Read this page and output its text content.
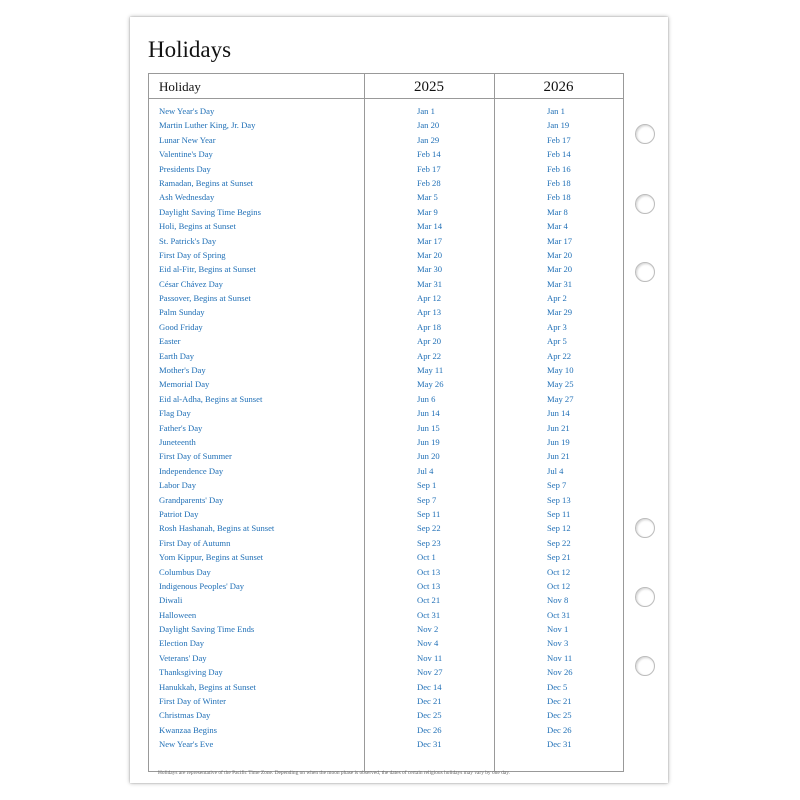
Holidays
Holiday	2025	2026
New Year's Day	Jan 1	Jan 1
Martin Luther King, Jr. Day	Jan 20	Jan 19
Lunar New Year	Jan 29	Feb 17
Valentine's Day	Feb 14	Feb 14
Presidents Day	Feb 17	Feb 16
Ramadan, Begins at Sunset	Feb 28	Feb 18
Ash Wednesday	Mar 5	Feb 18
Daylight Saving Time Begins	Mar 9	Mar 8
Holi, Begins at Sunset	Mar 14	Mar 4
St. Patrick's Day	Mar 17	Mar 17
First Day of Spring	Mar 20	Mar 20
Eid al-Fitr, Begins at Sunset	Mar 30	Mar 20
César Chávez Day	Mar 31	Mar 31
Passover, Begins at Sunset	Apr 12	Apr 2
Palm Sunday	Apr 13	Mar 29
Good Friday	Apr 18	Apr 3
Easter	Apr 20	Apr 5
Earth Day	Apr 22	Apr 22
Mother's Day	May 11	May 10
Memorial Day	May 26	May 25
Eid al-Adha, Begins at Sunset	Jun 6	May 27
Flag Day	Jun 14	Jun 14
Father's Day	Jun 15	Jun 21
Juneteenth	Jun 19	Jun 19
First Day of Summer	Jun 20	Jun 21
Independence Day	Jul 4	Jul 4
Labor Day	Sep 1	Sep 7
Grandparents' Day	Sep 7	Sep 13
Patriot Day	Sep 11	Sep 11
Rosh Hashanah, Begins at Sunset	Sep 22	Sep 12
First Day of Autumn	Sep 23	Sep 22
Yom Kippur, Begins at Sunset	Oct 1	Sep 21
Columbus Day	Oct 13	Oct 12
Indigenous Peoples' Day	Oct 13	Oct 12
Diwali	Oct 21	Nov 8
Halloween	Oct 31	Oct 31
Daylight Saving Time Ends	Nov 2	Nov 1
Election Day	Nov 4	Nov 3
Veterans' Day	Nov 11	Nov 11
Thanksgiving Day	Nov 27	Nov 26
Hanukkah, Begins at Sunset	Dec 14	Dec 5
First Day of Winter	Dec 21	Dec 21
Christmas Day	Dec 25	Dec 25
Kwanzaa Begins	Dec 26	Dec 26
New Year's Eve	Dec 31	Dec 31
Holidays are representative of the Pacific Time Zone. Depending on when the moon phase is observed, the dates of certain religious holidays may vary by one day.
